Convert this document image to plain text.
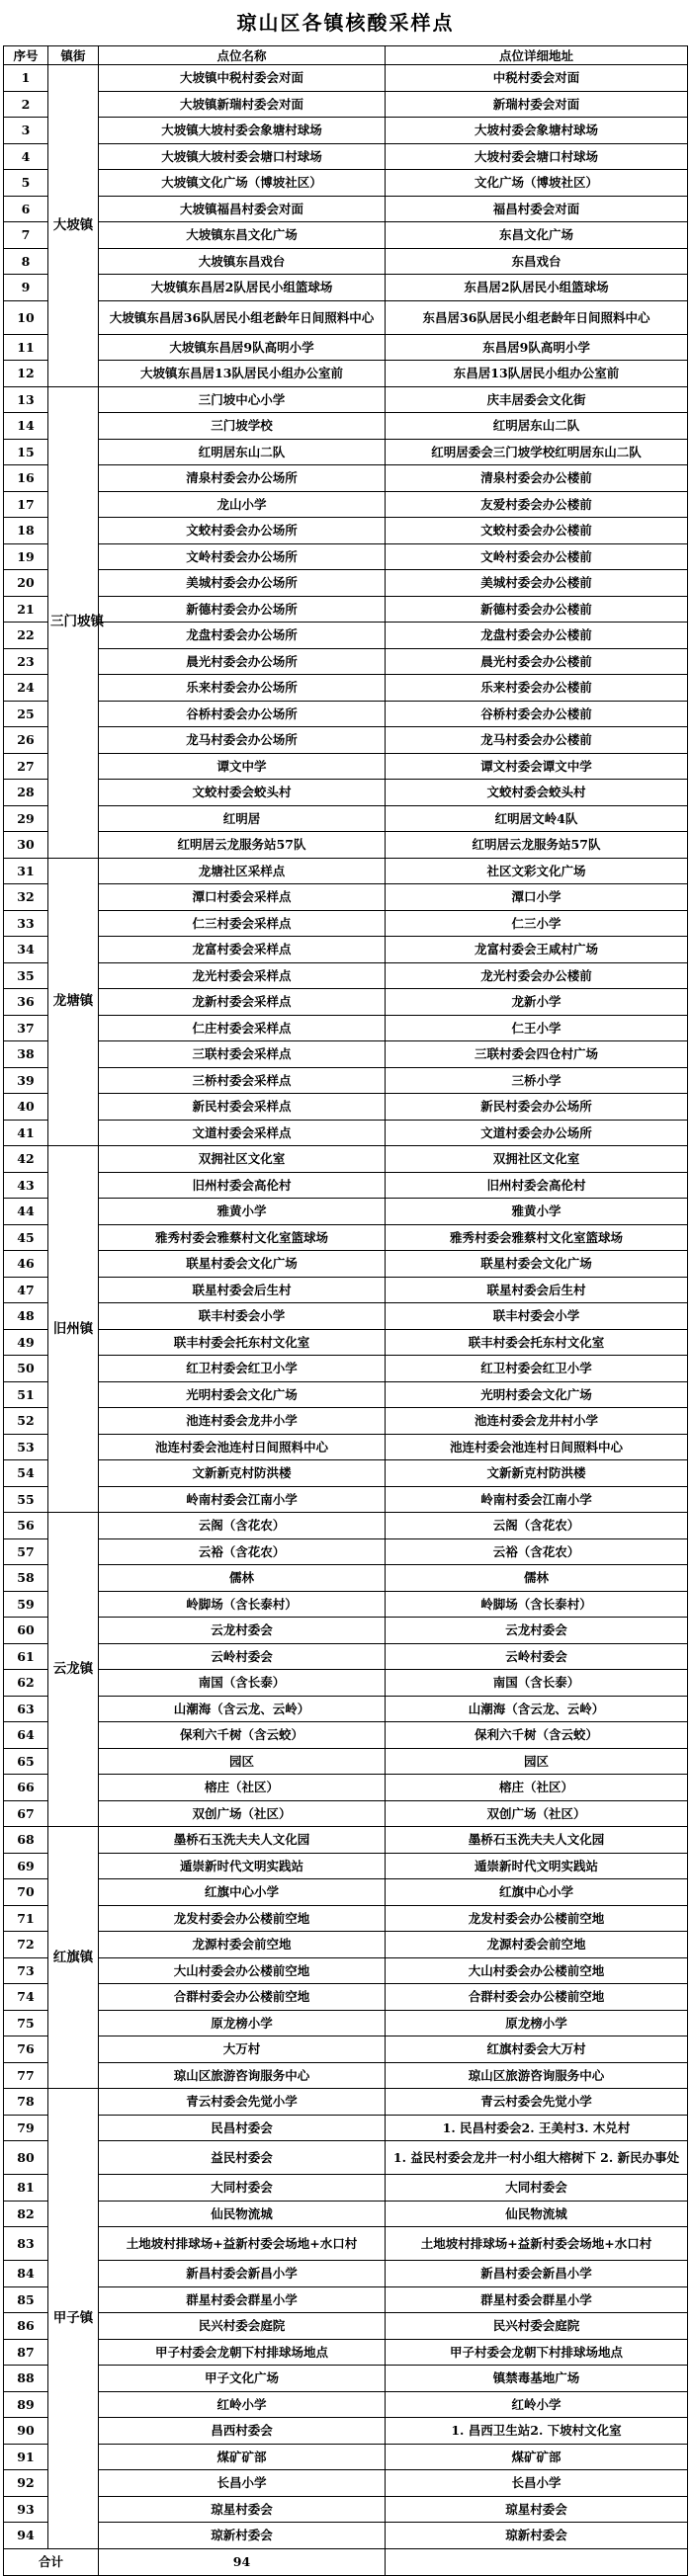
琼山区各镇核酸采样点
序号	镇街	点位名称	点位详细地址
1	大坡镇	大坡镇中税村委会对面	中税村委会对面
2		大坡镇新瑞村委会对面	新瑞村委会对面
3		大坡镇大坡村委会象塘村球场	大坡村委会象塘村球场
4		大坡镇大坡村委会塘口村球场	大坡村委会塘口村球场
5		大坡镇文化广场（博坡社区）	文化广场（博坡社区）
6		大坡镇福昌村委会对面	福昌村委会对面
7		大坡镇东昌文化广场	东昌文化广场
8		大坡镇东昌戏台	东昌戏台
9		大坡镇东昌居2队居民小组篮球场	东昌居2队居民小组篮球场
10		大坡镇东昌居36队居民小组老龄年日间照料中心	东昌居36队居民小组老龄年日间照料中心
11		大坡镇东昌居9队高明小学	东昌居9队高明小学
12		大坡镇东昌居13队居民小组办公室前	东昌居13队居民小组办公室前
13	三门坡镇	三门坡中心小学	庆丰居委会文化街
14		三门坡学校	红明居东山二队
15		红明居东山二队	红明居委会三门坡学校红明居东山二队
16		清泉村委会办公场所	清泉村委会办公楼前
17		龙山小学	友爱村委会办公楼前
18		文蛟村委会办公场所	文蛟村委会办公楼前
19		文岭村委会办公场所	文岭村委会办公楼前
20		美城村委会办公场所	美城村委会办公楼前
21		新德村委会办公场所	新德村委会办公楼前
22		龙盘村委会办公场所	龙盘村委会办公楼前
23		晨光村委会办公场所	晨光村委会办公楼前
24		乐来村委会办公场所	乐来村委会办公楼前
25		谷桥村委会办公场所	谷桥村委会办公楼前
26		龙马村委会办公场所	龙马村委会办公楼前
27		谭文中学	谭文村委会谭文中学
28		文蛟村委会蛟头村	文蛟村委会蛟头村
29		红明居	红明居文岭4队
30		红明居云龙服务站57队	红明居云龙服务站57队
31	龙塘镇	龙塘社区采样点	社区文彩文化广场
32		潭口村委会采样点	潭口小学
33		仁三村委会采样点	仁三小学
34		龙富村委会采样点	龙富村委会王咸村广场
35		龙光村委会采样点	龙光村委会办公楼前
36		龙新村委会采样点	龙新小学
37		仁庄村委会采样点	仁王小学
38		三联村委会采样点	三联村委会四仓村广场
39		三桥村委会采样点	三桥小学
40		新民村委会采样点	新民村委会办公场所
41		文道村委会采样点	文道村委会办公场所
42	旧州镇	双拥社区文化室	双拥社区文化室
43		旧州村委会高伦村	旧州村委会高伦村
44		雅黄小学	雅黄小学
45		雅秀村委会雅蔡村文化室篮球场	雅秀村委会雅蔡村文化室篮球场
46		联星村委会文化广场	联星村委会文化广场
47		联星村委会后生村	联星村委会后生村
48		联丰村委会小学	联丰村委会小学
49		联丰村委会托东村文化室	联丰村委会托东村文化室
50		红卫村委会红卫小学	红卫村委会红卫小学
51		光明村委会文化广场	光明村委会文化广场
52		池连村委会龙井小学	池连村委会龙井村小学
53		池连村委会池连村日间照料中心	池连村委会池连村日间照料中心
54		文新新克村防洪楼	文新新克村防洪楼
55		岭南村委会江南小学	岭南村委会江南小学
56	云龙镇	云阁（含花农）	云阁（含花农）
57		云裕（含花农）	云裕（含花农）
58		儒林	儒林
59		岭脚场（含长泰村）	岭脚场（含长泰村）
60		云龙村委会	云龙村委会
61		云岭村委会	云岭村委会
62		南国（含长泰）	南国（含长泰）
63		山潮海（含云龙、云岭）	山潮海（含云龙、云岭）
64		保利六千树（含云蛟）	保利六千树（含云蛟）
65		园区	园区
66		榕庄（社区）	榕庄（社区）
67		双创广场（社区）	双创广场（社区）
68	红旗镇	墨桥石玉洗夫夫人文化园	墨桥石玉洗夫夫人文化园
69		遁崇新时代文明实践站	遁崇新时代文明实践站
70		红旗中心小学	红旗中心小学
71		龙发村委会办公楼前空地	龙发村委会办公楼前空地
72		龙源村委会前空地	龙源村委会前空地
73		大山村委会办公楼前空地	大山村委会办公楼前空地
74		合群村委会办公楼前空地	合群村委会办公楼前空地
75		原龙榜小学	原龙榜小学
76		大万村	红旗村委会大万村
77		琼山区旅游咨询服务中心	琼山区旅游咨询服务中心
78	甲子镇	青云村委会先觉小学	青云村委会先觉小学
79		民昌村委会	1. 民昌村委会2. 王美村3. 木兑村
80		益民村委会	1. 益民村委会龙井一村小组大榕树下 2. 新民办事处
81		大同村委会	大同村委会
82		仙民物流城	仙民物流城
83		土地坡村排球场+益新村委会场地+水口村	土地坡村排球场+益新村委会场地+水口村
84		新昌村委会新昌小学	新昌村委会新昌小学
85		群星村委会群星小学	群星村委会群星小学
86		民兴村委会庭院	民兴村委会庭院
87		甲子村委会龙朝下村排球场地点	甲子村委会龙朝下村排球场地点
88		甲子文化广场	镇禁毒基地广场
89		红岭小学	红岭小学
90		昌西村委会	1. 昌西卫生站2. 下坡村文化室
91		煤矿矿部	煤矿矿部
92		长昌小学	长昌小学
93		琼星村委会	琼星村委会
94		琼新村委会	琼新村委会
合计		94	
